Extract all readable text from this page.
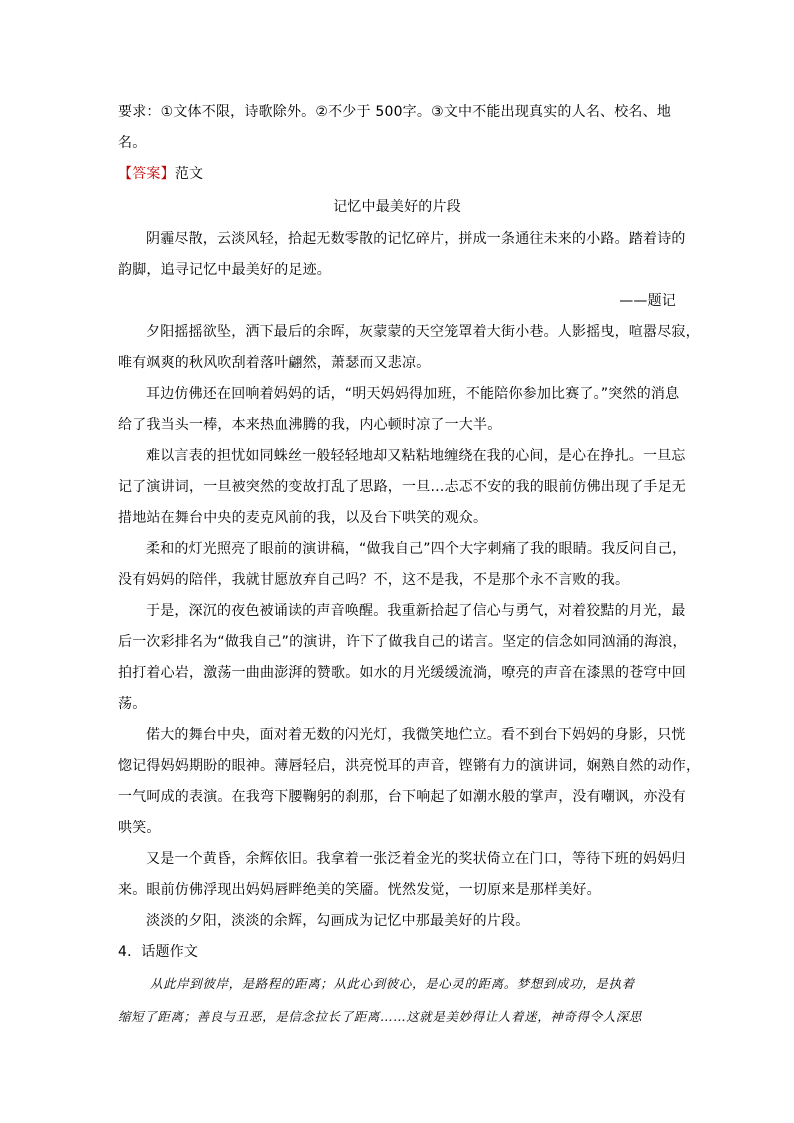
要求：①文体不限，诗歌除外。②不少于 500字。③文中不能出现真实的人名、校名、地
名。
【答案】范文
记忆中最美好的片段
阴霾尽散，云淡风轻，拾起无数零散的记忆碎片，拼成一条通往未来的小路。踏着诗的
韵脚，追寻记忆中最美好的足迹。
——题记
夕阳摇摇欲坠，洒下最后的余晖，灰蒙蒙的天空笼罩着大街小巷。人影摇曳，喧嚣尽寂，
唯有飒爽的秋风吹刮着落叶翩然，萧瑟而又悲凉。
耳边仿佛还在回响着妈妈的话，“明天妈妈得加班，不能陪你参加比赛了。”突然的消息
给了我当头一棒，本来热血沸腾的我，内心顿时凉了一大半。
难以言表的担忧如同蛛丝一般轻轻地却又粘粘地缠绕在我的心间，是心在挣扎。一旦忘
记了演讲词，一旦被突然的变故打乱了思路，一旦…忐忑不安的我的眼前仿佛出现了手足无
措地站在舞台中央的麦克风前的我，以及台下哄笑的观众。
柔和的灯光照亮了眼前的演讲稿，“做我自己”四个大字刺痛了我的眼睛。我反问自己，
没有妈妈的陪伴，我就甘愿放弃自己吗？不，这不是我，不是那个永不言败的我。
于是，深沉的夜色被诵读的声音唤醒。我重新拾起了信心与勇气，对着狡黠的月光，最
后一次彩排名为“做我自己”的演讲，许下了做我自己的诺言。坚定的信念如同汹涌的海浪，
拍打着心岩，激荡一曲曲澎湃的赞歌。如水的月光缓缓流淌，嘹亮的声音在漆黑的苍穹中回
荡。
偌大的舞台中央，面对着无数的闪光灯，我微笑地伫立。看不到台下妈妈的身影，只恍
惚记得妈妈期盼的眼神。薄唇轻启，洪亮悦耳的声音，铿锵有力的演讲词，娴熟自然的动作，
一气呵成的表演。在我弯下腰鞠躬的刹那，台下响起了如潮水般的掌声，没有嘲讽，亦没有
哄笑。
又是一个黄昏，余辉依旧。我拿着一张泛着金光的奖状倚立在门口，等待下班的妈妈归
来。眼前仿佛浮现出妈妈唇畔绝美的笑靥。恍然发觉，一切原来是那样美好。
淡淡的夕阳，淡淡的余辉，勾画成为记忆中那最美好的片段。
4．话题作文
从此岸到彼岸，是路程的距离；从此心到彼心，是心灵的距离。梦想到成功，是执着
缩短了距离；善良与丑恶，是信念拉长了距离……这就是美妙得让人着迷，神奇得令人深思
